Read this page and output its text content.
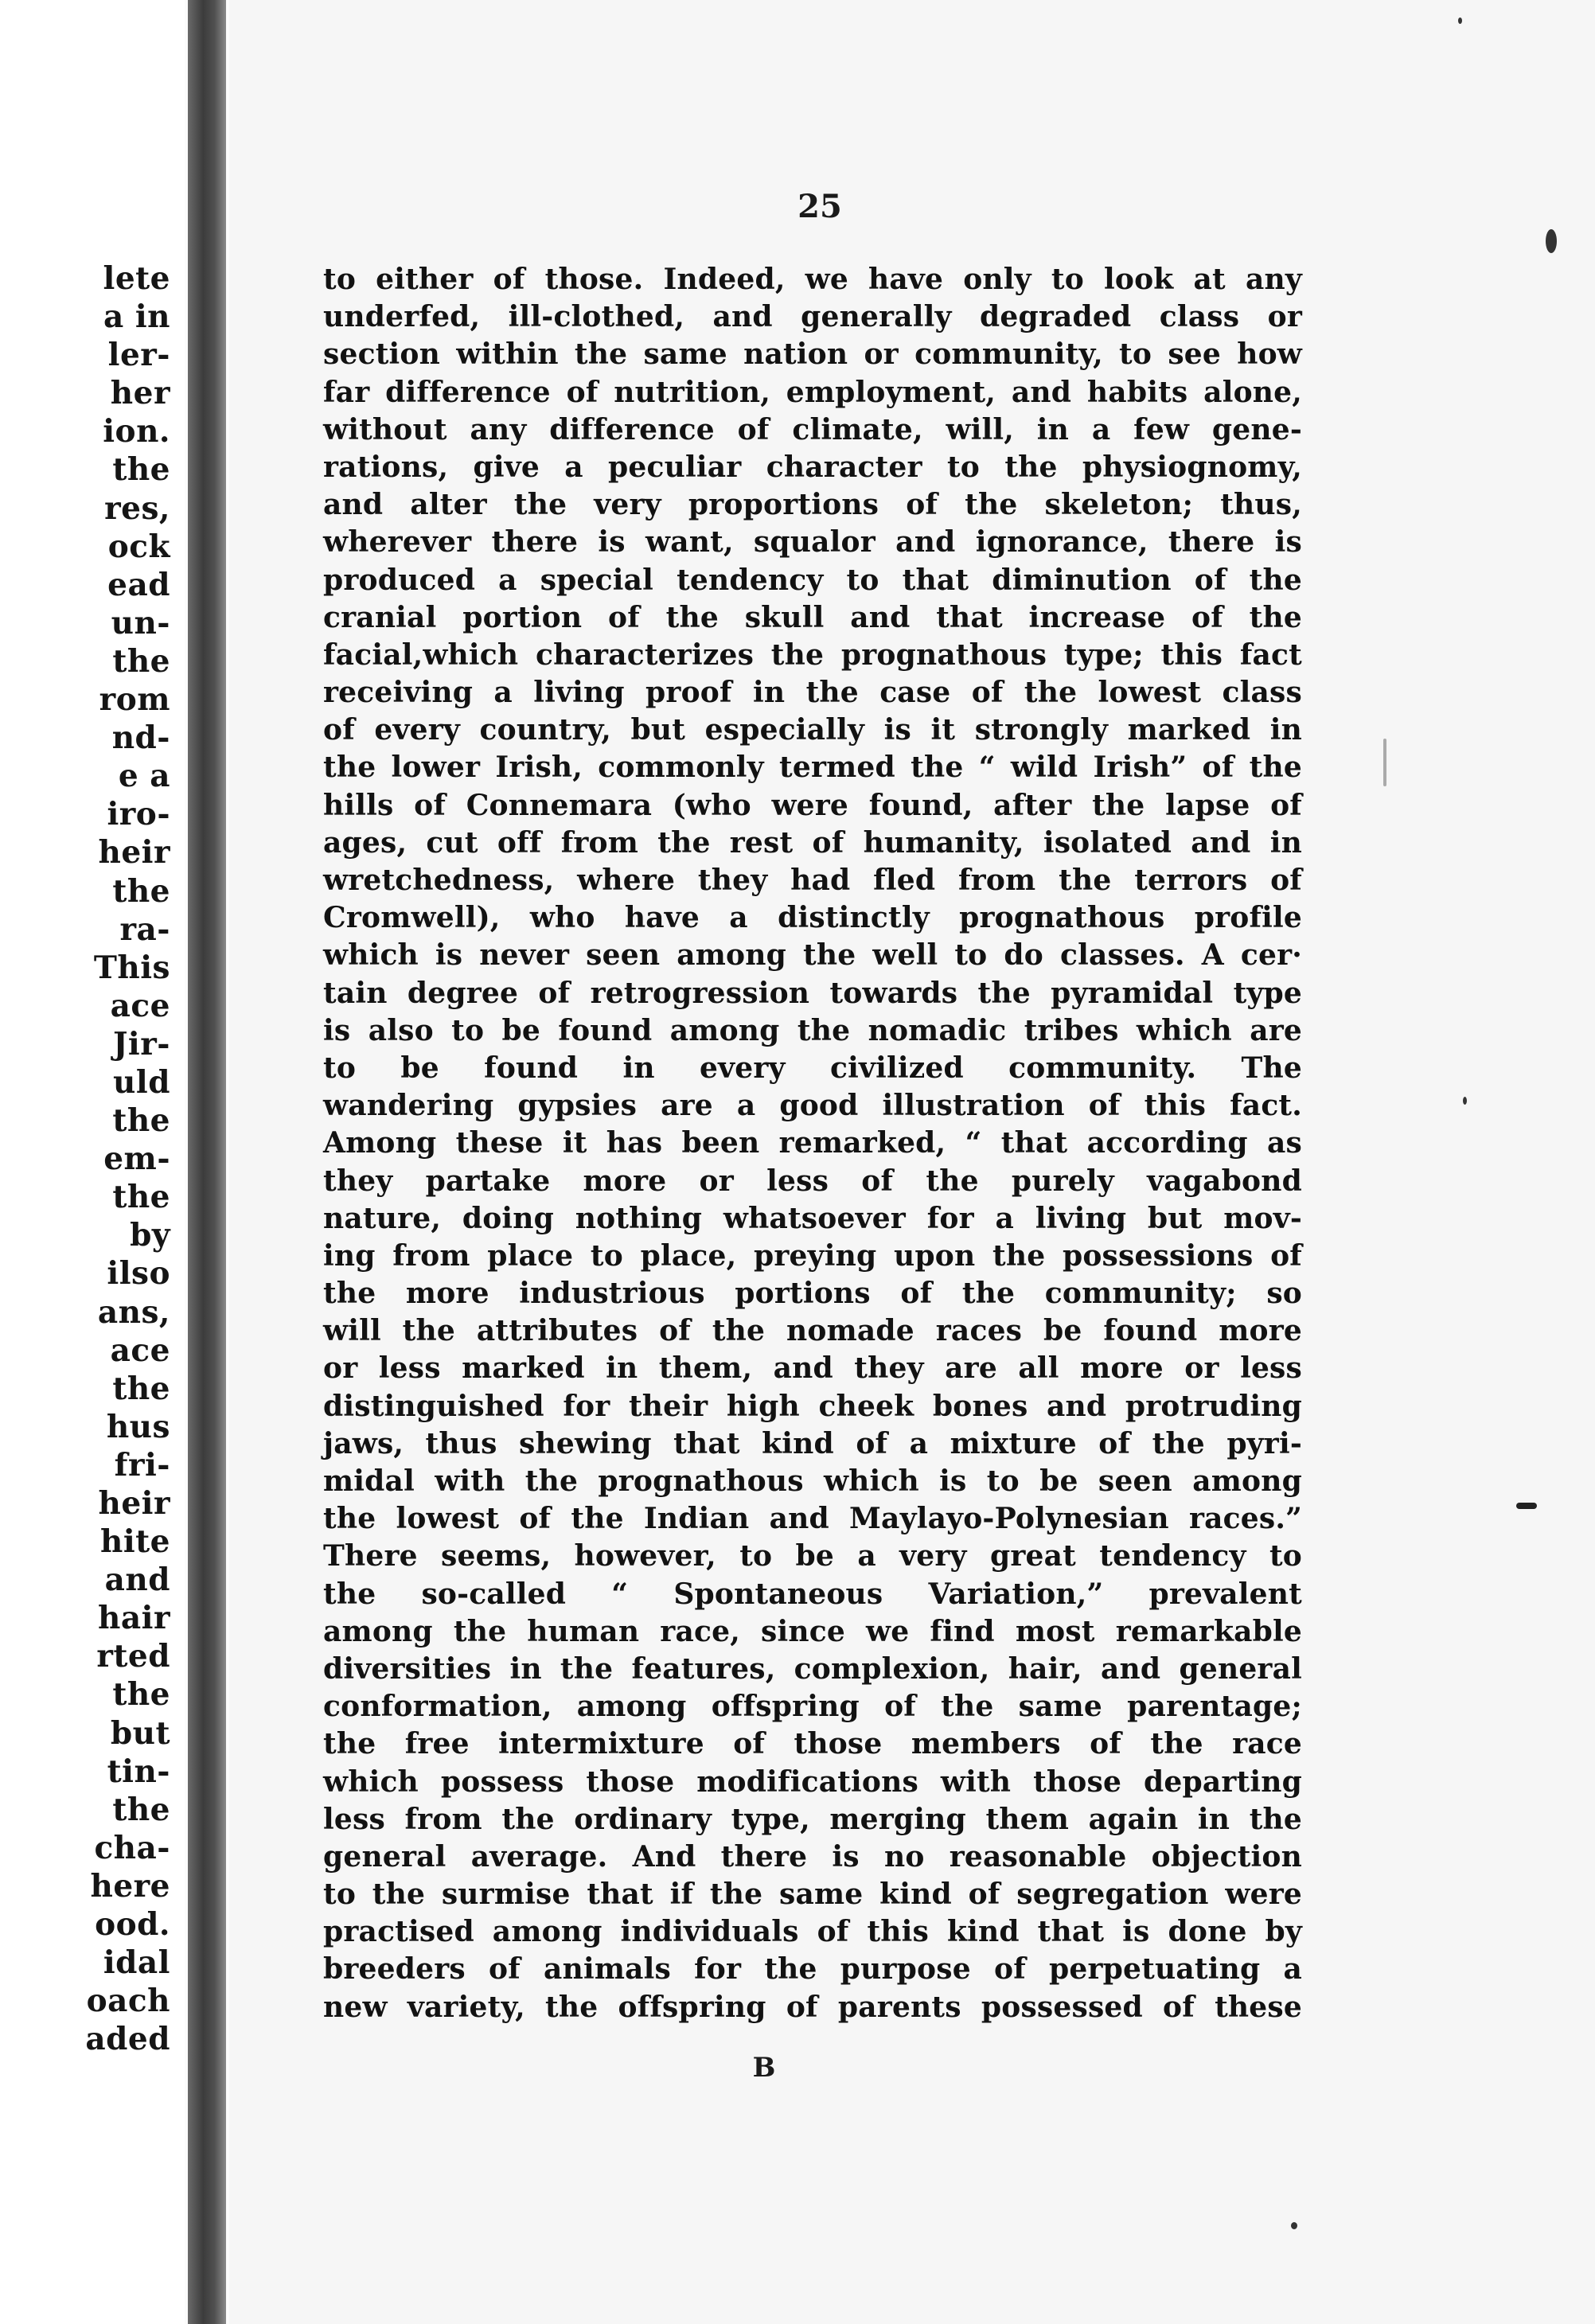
lete
a in
ler-
her
ion.
the
res,
ock
ead
un-
the
rom
nd-
e a
iro-
heir
the
ra-
This
ace
Jir-
uld
the
em-
the
by
ilso
ans,
ace
the
hus
fri-
heir
hite
and
hair
rted
the
but
tin-
the
cha-
here
ood.
idal
oach
aded
25
to either of those. Indeed, we have only to look at any
underfed, ill-clothed, and generally degraded class or
section within the same nation or community, to see how
far difference of nutrition, employment, and habits alone,
without any difference of climate, will, in a few gene-
rations, give a peculiar character to the physiognomy,
and alter the very proportions of the skeleton; thus,
wherever there is want, squalor and ignorance, there is
produced a special tendency to that diminution of the
cranial portion of the skull and that increase of the
facial,which characterizes the prognathous type; this fact
receiving a living proof in the case of the lowest class
of every country, but especially is it strongly marked in
the lower Irish, commonly termed the “ wild Irish” of the
hills of Connemara (who were found, after the lapse of
ages, cut off from the rest of humanity, isolated and in
wretchedness, where they had fled from the terrors of
Cromwell), who have a distinctly prognathous profile
which is never seen among the well to do classes. A cer·
tain degree of retrogression towards the pyramidal type
is also to be found among the nomadic tribes which are
to be found in every civilized community. The
wandering gypsies are a good illustration of this fact.
Among these it has been remarked, “ that according as
they partake more or less of the purely vagabond
nature, doing nothing whatsoever for a living but mov-
ing from place to place, preying upon the possessions of
the more industrious portions of the community; so
will the attributes of the nomade races be found more
or less marked in them, and they are all more or less
distinguished for their high cheek bones and protruding
jaws, thus shewing that kind of a mixture of the pyri-
midal with the prognathous which is to be seen among
the lowest of the Indian and Maylayo-Polynesian races.”
There seems, however, to be a very great tendency to
the so-called “ Spontaneous Variation,” prevalent
among the human race, since we find most remarkable
diversities in the features, complexion, hair, and general
conformation, among offspring of the same parentage;
the free intermixture of those members of the race
which possess those modifications with those departing
less from the ordinary type, merging them again in the
general average. And there is no reasonable objection
to the surmise that if the same kind of segregation were
practised among individuals of this kind that is done by
breeders of animals for the purpose of perpetuating a
new variety, the offspring of parents possessed of these
B
